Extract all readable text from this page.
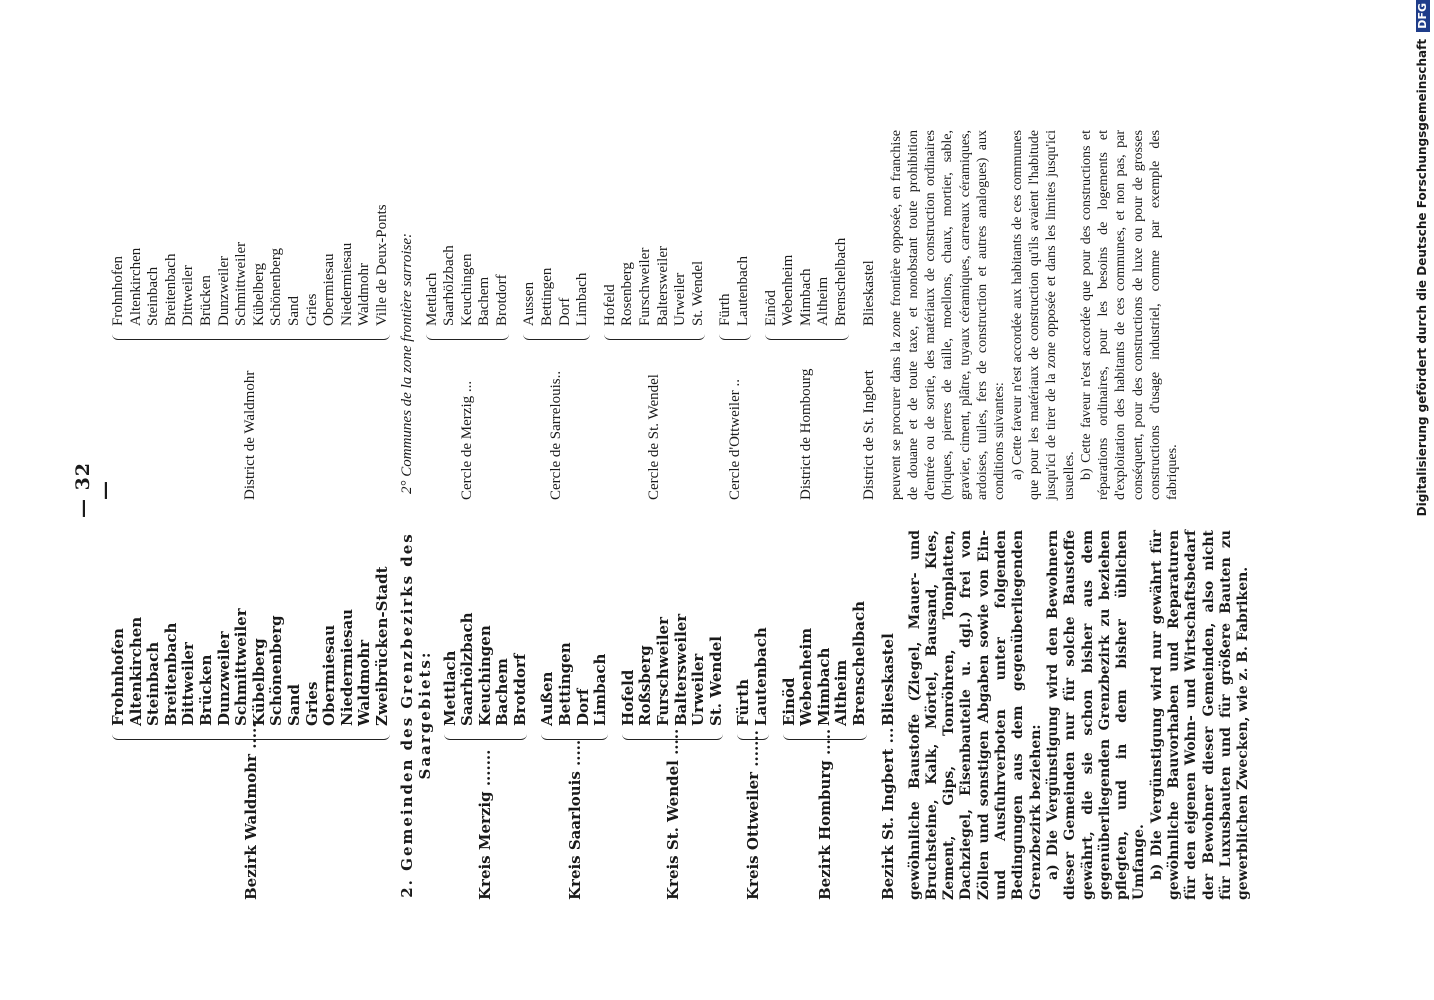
— 32 —
Bezirk Waldmohr .....
Frohnhofen Altenkirchen Steinbach Breitenbach Dittweiler Brücken Dunzweiler Schmittweiler Kübelberg Schönenberg Sand Gries Obermiesau Niedermiesau Waldmohr Zweibrücken-Stadt 2. Gemeinden des Grenzbezirks des Saargebiets:
Kreis Merzig .......
Mettlach Saarhölzbach Keuchingen Bachem Brotdorf
Kreis Saarlouis .....
Außen Bettingen Dorf Limbach
Kreis St. Wendel .....
Hofeld Roßsberg Furschweiler Baltersweiler Urweiler St. Wendel
Kreis Ottweiler .......
Fürth Lautenbach
Bezirk Homburg .....
Einöd Webenheim Mimbach Altheim Brenschelbach
Bezirk St. Ingbert ...
Blieskastel gewöhnliche Baustoffe (Ziegel, Mauer- und Bruchsteine, Kalk, Mörtel, Bausand, Kies, Zement, Gips, Tonröhren, Tonplatten, Dachziegel, Eisenbauteile u. dgl.) frei von Zöllen und sonstigen Abgaben sowie von Ein- und Ausfuhrverboten unter folgenden Bedingungen aus dem gegenüberliegenden Grenzbezirk beziehen: a) Die Vergünstigung wird den Bewohnern dieser Gemeinden nur für solche Baustoffe gewährt, die sie schon bisher aus dem gegenüberliegenden Grenzbezirk zu beziehen pflegten, und in dem bisher üblichen Umfange. b) Die Vergünstigung wird nur gewährt für gewöhnliche Bauvorhaben und Reparaturen für den eigenen Wohn- und Wirtschaftsbedarf der Bewohner dieser Gemeinden, also nicht für Luxusbauten und für größere Bauten zu gewerblichen Zwecken, wie z. B. Fabriken.

District de Waldmohr
Frohnhofen Altenkirchen Steinbach Breitenbach Dittweiler Brücken Dunzweiler Schmittweiler Kübelberg Schönenberg Sand Gries Obermiesau Niedermiesau Waldmohr Ville de Deux-Ponts 2° Communes de la zone frontière sarroise:	Cercle de Merzig ...
Mettlach Saarhölzbach Keuchingen Bachem Brotdorf
Cercle de Sarrelouis..
Aussen Bettingen Dorf Limbach
Cercle de St. Wendel
Hofeld Rosenberg Furschweiler Baltersweiler Urweiler St. Wendel
Cercle d'Ottweiler ..
Fürth Lautenbach
District de Hombourg
Einöd Webenheim Mimbach Altheim Brenschelbach
District de St. Ingbert
Blieskastel peuvent se procurer dans la zone frontière opposée, en franchise de douane et de toute taxe, et nonobstant toute prohibition d'entrée ou de sortie, des matériaux de construction ordinaires (briques, pierres de taille, moellons, chaux, mortier, sable, gravier, ciment, plâtre, tuyaux céramiques, carreaux céramiques, ardoises, tuiles, fers de construction et autres analogues) aux conditions suivantes: a) Cette faveur n'est accordée aux habitants de ces communes que pour les matériaux de construction qu'ils avaient l'habitude jusqu'ici de tirer de la zone opposée et dans les limites jusqu'ici usuelles. b) Cette faveur n'est accordée que pour des constructions et réparations ordinaires, pour les besoins de logements et d'exploitation des habitants de ces communes, et non pas, par conséquent, pour des constructions de luxe ou pour de grosses constructions d'usage industriel, comme par exemple des fabriques.	Digitalisierung gefördert durch die Deutsche Forschungsgemeinschaft DFG
